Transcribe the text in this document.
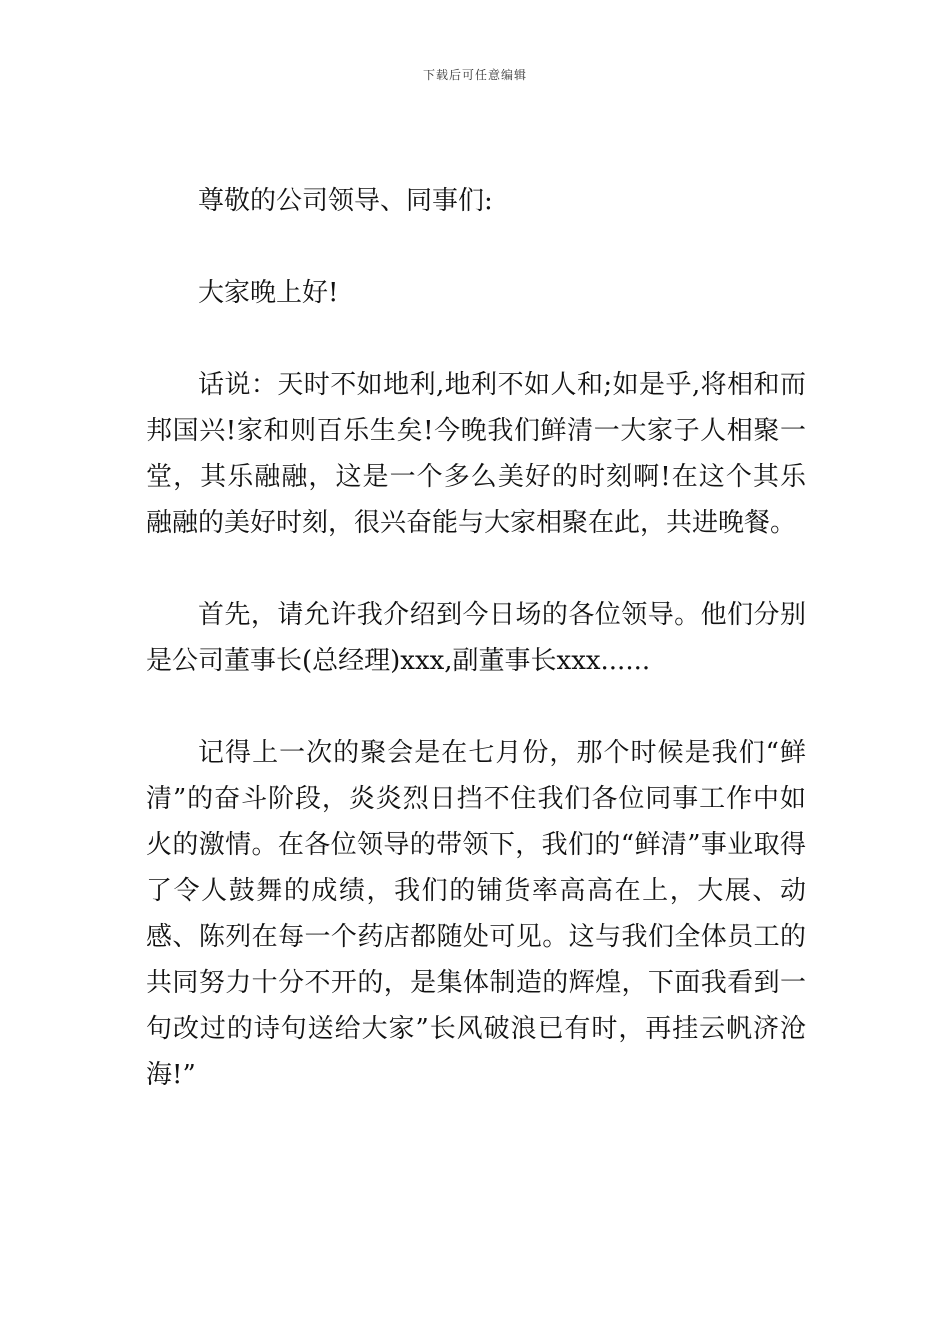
下载后可任意编辑

尊敬的公司领导、同事们:

大家晚上好!

话说：天时不如地利,地利不如人和;如是乎,将相和而邦国兴!家和则百乐生矣!今晚我们鲜清一大家子人相聚一堂，其乐融融，这是一个多么美好的时刻啊!在这个其乐融融的美好时刻，很兴奋能与大家相聚在此，共进晚餐。

首先，请允许我介绍到今日场的各位领导。他们分别是公司董事长(总经理)xxx,副董事长xxx......

记得上一次的聚会是在七月份，那个时候是我们“鲜清”的奋斗阶段，炎炎烈日挡不住我们各位同事工作中如火的激情。在各位领导的带领下，我们的“鲜清”事业取得了令人鼓舞的成绩，我们的铺货率高高在上，大展、动感、陈列在每一个药店都随处可见。这与我们全体员工的共同努力十分不开的，是集体制造的辉煌，下面我看到一句改过的诗句送给大家”长风破浪已有时，再挂云帆济沧海!”
